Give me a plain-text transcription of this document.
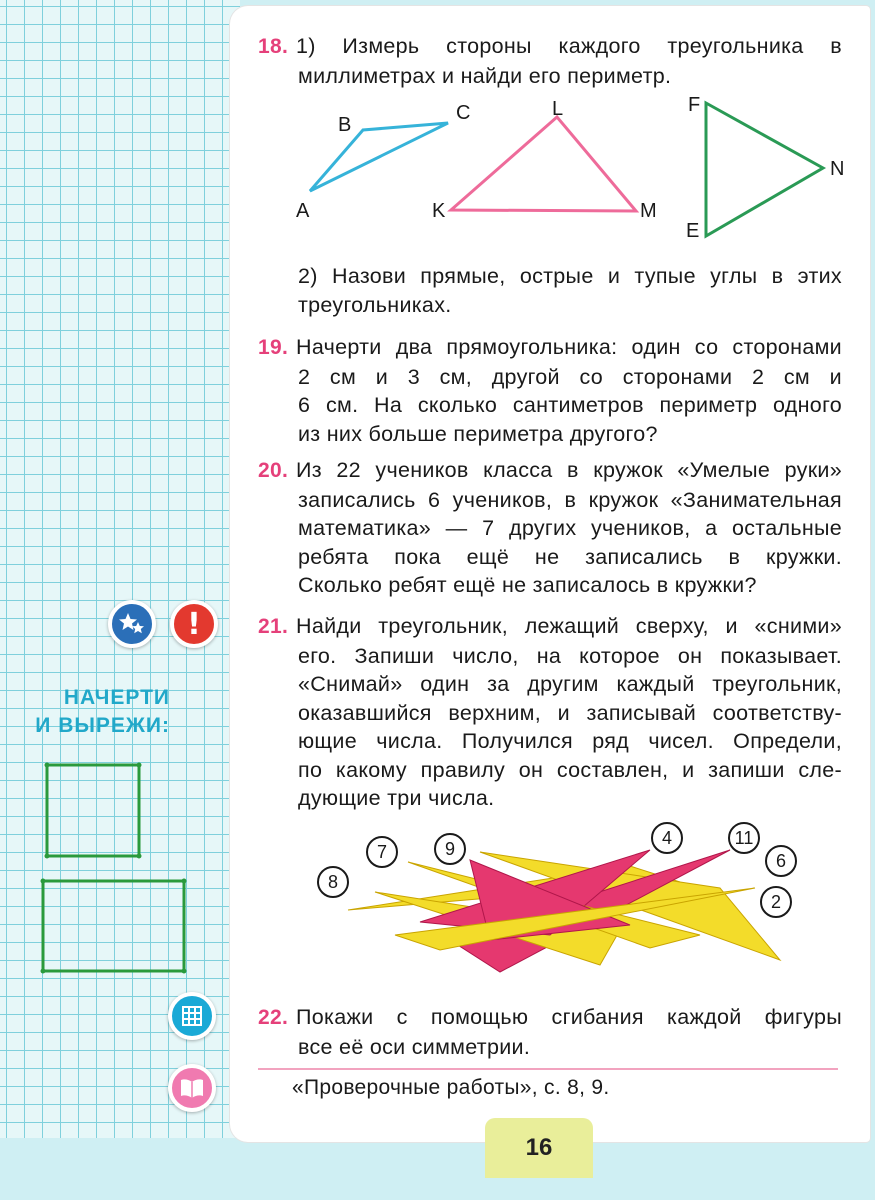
НАЧЕРТИ
И ВЫРЕЖИ:
!
18. 1) Измерь стороны каждого треугольника в
миллиметрах и найди его периметр.
A
B
C
K
L
M
F
N
E
2) Назови прямые, острые и тупые углы в этих
треугольниках.
19. Начерти два прямоугольника: один со сторонами
2 см и 3 см, другой со сторонами 2 см и
6 см. На сколько сантиметров периметр одного
из них больше периметра другого?
20. Из 22 учеников класса в кружок «Умелые руки»
записались 6 учеников, в кружок «Занимательная
математика» — 7 других учеников, а остальные
ребята пока ещё не записались в кружки.
Сколько ребят ещё не записалось в кружки?
21. Найди треугольник, лежащий сверху, и «сними»
его. Запиши число, на которое он показывает.
«Снимай» один за другим каждый треугольник,
оказавшийся верхним, и записывай соответству-
ющие числа. Получился ряд чисел. Определи,
по какому правилу он составлен, и запиши сле-
дующие три числа.
7	9
8
4	11
6
2
22. Покажи с помощью сгибания каждой фигуры
все её оси симметрии.
«Проверочные работы», с. 8, 9.
16
